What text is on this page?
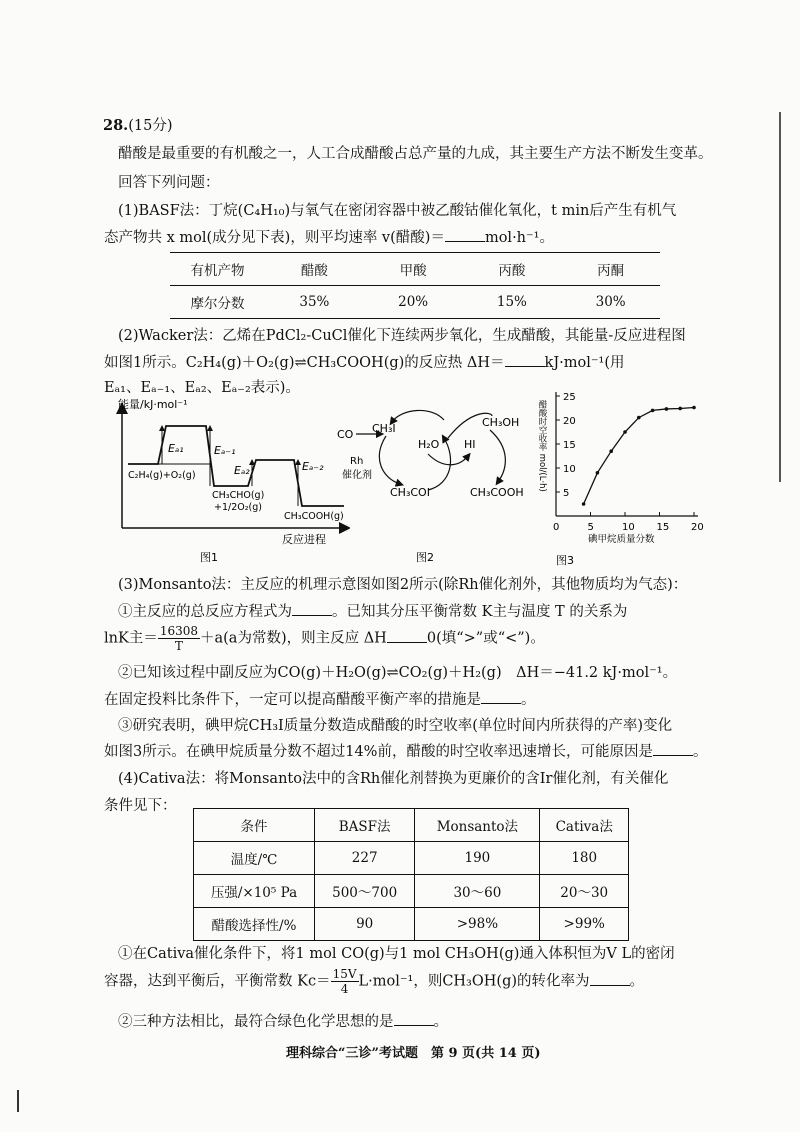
28.(15分)
醋酸是最重要的有机酸之一，人工合成醋酸占总产量的九成，其主要生产方法不断发生变革。
回答下列问题：
(1)BASF法：丁烷(C₄H₁₀)与氧气在密闭容器中被乙酸钴催化氧化，t min后产生有机气
态产物共 x mol(成分见下表)，则平均速率 v(醋酸)＝	mol·h⁻¹。
有机产物	醋酸	甲酸	丙酸	丙酮
摩尔分数	35%	20%	15%	30%
(2)Wacker法：乙烯在PdCl₂-CuCl催化下连续两步氧化，生成醋酸，其能量-反应进程图
如图1所示。C₂H₄(g)＋O₂(g)⇌CH₃COOH(g)的反应热 ΔH＝	kJ·mol⁻¹(用
Eₐ₁、Eₐ₋₁、Eₐ₂、Eₐ₋₂表示)。
能量/kJ·mol⁻¹
反应进程
Eₐ₁	Eₐ₋₁
Eₐ₂	Eₐ₋₂
C₂H₄(g)+O₂(g)
CH₃CHO(g)
+1/2O₂(g)
CH₃COOH(g)
图1
CO CH₃I
H₂O HI
CH₃OH
Rh
催化剂
CH₃COI	CH₃COOH
图2
25
20
15
10
5
0	5	10 15 20
醋酸时空收率 mol/(L·h)
碘甲烷质量分数
图3
(3)Monsanto法：主反应的机理示意图如图2所示(除Rh催化剂外，其他物质均为气态)：
①主反应的总反应方程式为	。已知其分压平衡常数 K主与温度 T 的关系为
lnK主＝ $\frac{16308}{T} +a(a$为常数)，则主反应 ΔH	0(填“>”或“<”)。
②已知该过程中副反应为CO(g)＋H₂O(g)⇌CO₂(g)＋H₂(g)　ΔH＝−41.2 kJ·mol⁻¹。
在固定投料比条件下，一定可以提高醋酸平衡产率的措施是	。
③研究表明，碘甲烷CH₃I质量分数造成醋酸的时空收率(单位时间内所获得的产率)变化
如图3所示。在碘甲烷质量分数不超过14%前，醋酸的时空收率迅速增长，可能原因是	。
(4)Cativa法：将Monsanto法中的含Rh催化剂替换为更廉价的含Ir催化剂，有关催化
条件见下：
条件	BASF法	Monsanto法	Cativa法
温度/℃	227	190	180
压强/×10⁵ Pa	500～700	30～60	20～30
醋酸选择性/%	90	>98%	>99%
①在Cativa催化条件下，将1 mol CO(g)与1 mol CH₃OH(g)通入体积恒为V L的密闭
容器，达到平衡后，平衡常数 $Kc= \frac{15V}{4} L\cdot mol^{-1}$，则CH₃OH(g)的转化率为	。
②三种方法相比，最符合绿色化学思想的是	。
理科综合“三诊”考试题　第 9 页(共 14 页)
